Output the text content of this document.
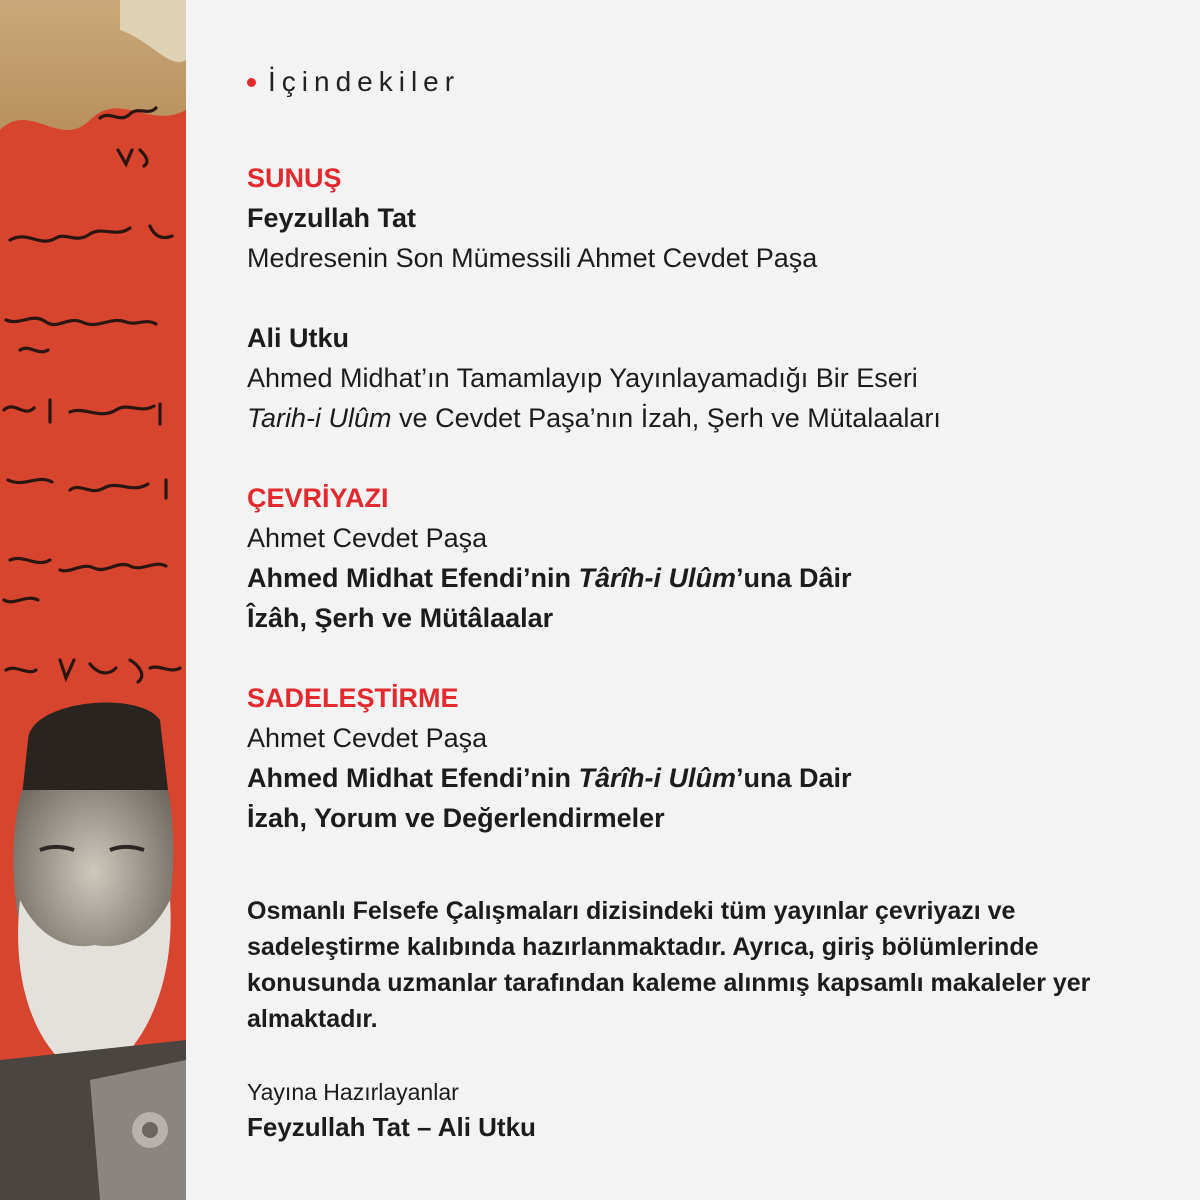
İçindekiler
SUNUŞ
Feyzullah Tat
Medresenin Son Mümessili Ahmet Cevdet Paşa
Ali Utku
Ahmed Midhat’ın Tamamlayıp Yayınlayamadığı Bir Eseri
Tarih-i Ulûm ve Cevdet Paşa’nın İzah, Şerh ve Mütalaaları
ÇEVRİYAZI
Ahmet Cevdet Paşa
Ahmed Midhat Efendi’nin Târîh-i Ulûm’una Dâir
Îzâh, Şerh ve Mütâlaalar
SADELEŞTİRME
Ahmet Cevdet Paşa
Ahmed Midhat Efendi’nin Târîh-i Ulûm’una Dair
İzah, Yorum ve Değerlendirmeler
Osmanlı Felsefe Çalışmaları dizisindeki tüm yayınlar çevriyazı ve sadeleştirme kalıbında hazırlanmaktadır. Ayrıca, giriş bölümlerinde konusunda uzmanlar tarafından kaleme alınmış kapsamlı makaleler yer almaktadır.
Yayına Hazırlayanlar
Feyzullah Tat – Ali Utku
